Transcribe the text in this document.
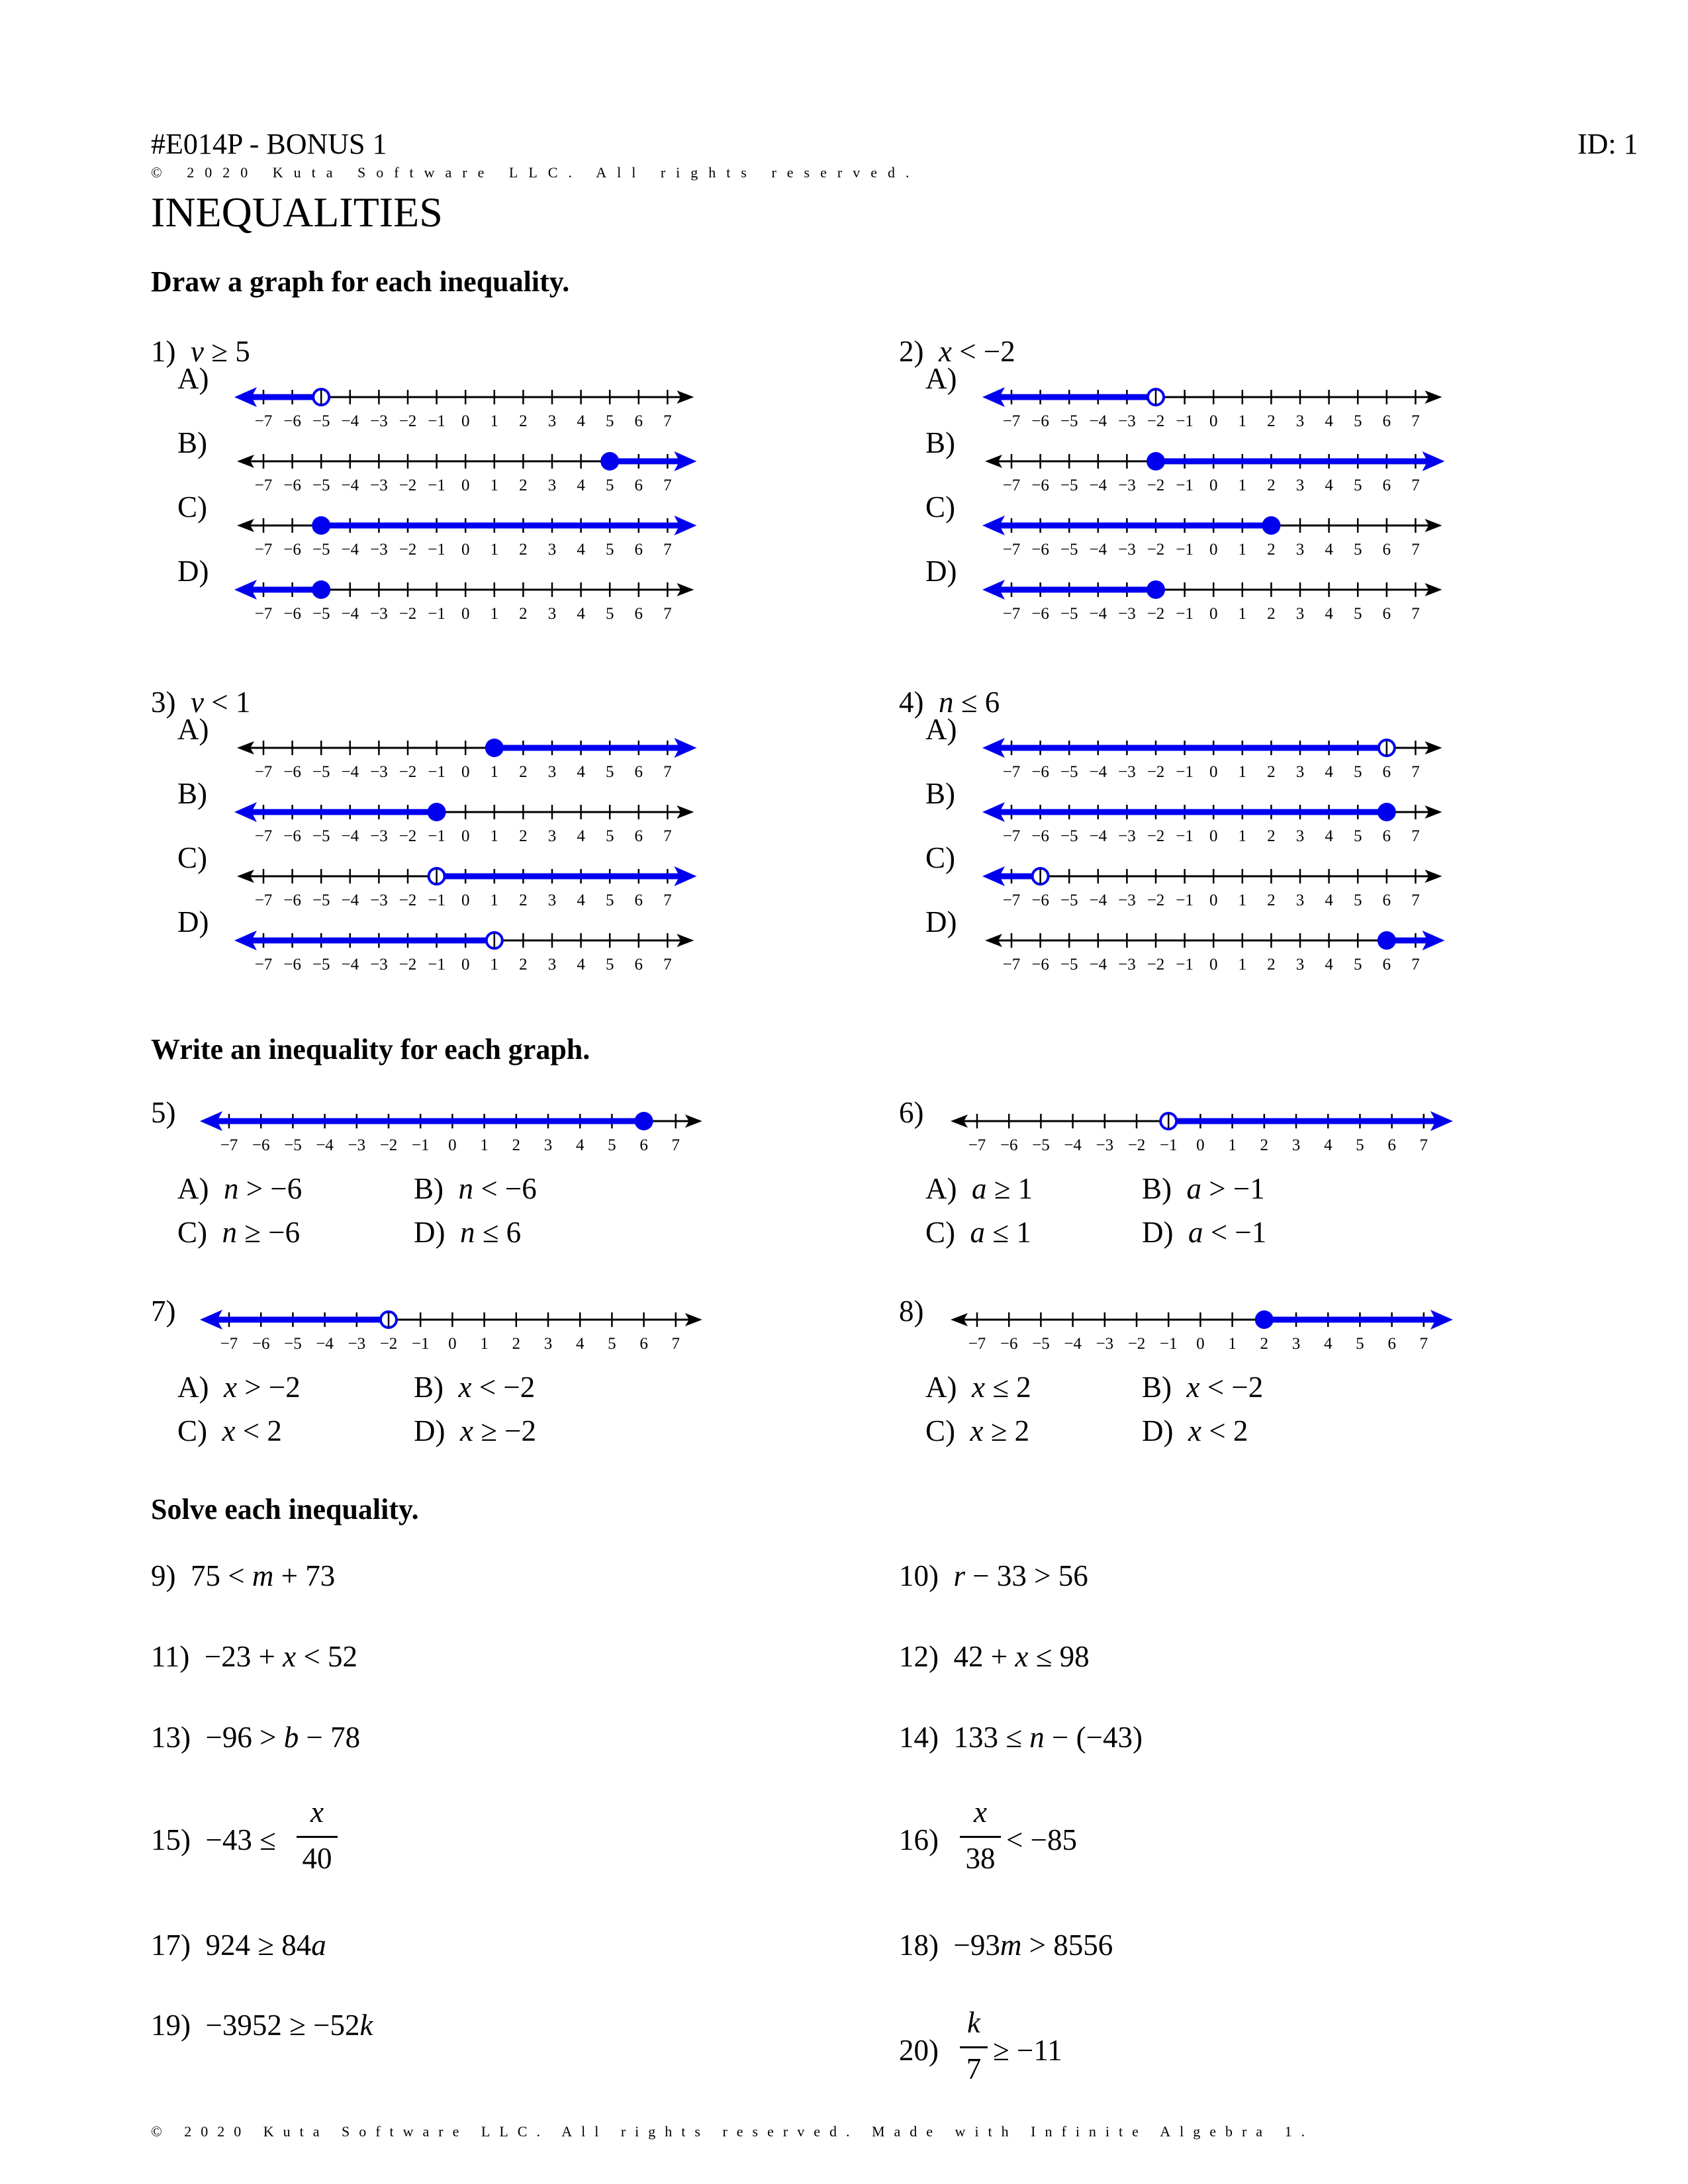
#E014P - BONUS 1	ID: 1
© 2020 Kuta Software LLC. All rights reserved.
INEQUALITIES
Draw a graph for each inequality.
1) v ≥ 5
A)
−7 −6 −5 −4 −3 −2 −1 0 1 2 3 4 5 6 7
B)
−7 −6 −5 −4 −3 −2 −1 0 1 2 3 4 5 6 7
C)
−7 −6 −5 −4 −3 −2 −1 0 1 2 3 4 5 6 7
D)
−7 −6 −5 −4 −3 −2 −1 0 1 2 3 4 5 6 7
2) x < −2
A)
−7 −6 −5 −4 −3 −2 −1 0 1 2 3 4 5 6 7
B)
−7 −6 −5 −4 −3 −2 −1 0 1 2 3 4 5 6 7
C)
−7 −6 −5 −4 −3 −2 −1 0 1 2 3 4 5 6 7
D)
−7 −6 −5 −4 −3 −2 −1 0 1 2 3 4 5 6 7
3) v < 1
A)
−7 −6 −5 −4 −3 −2 −1 0 1 2 3 4 5 6 7
B)
−7 −6 −5 −4 −3 −2 −1 0 1 2 3 4 5 6 7
C)
−7 −6 −5 −4 −3 −2 −1 0 1 2 3 4 5 6 7
D)
−7 −6 −5 −4 −3 −2 −1 0 1 2 3 4 5 6 7
4) n ≤ 6
A)
−7 −6 −5 −4 −3 −2 −1 0 1 2 3 4 5 6 7
B)
−7 −6 −5 −4 −3 −2 −1 0 1 2 3 4 5 6 7
C)
−7 −6 −5 −4 −3 −2 −1 0 1 2 3 4 5 6 7
D)
−7 −6 −5 −4 −3 −2 −1 0 1 2 3 4 5 6 7
Write an inequality for each graph.
5)	6)
7)	8)
−7 −6 −5 −4 −3 −2 −1 0 1 2 3 4 5 6 7
A)  n > −6	B)  n < −6
C)  n ≥ −6	D)  n ≤ 6
−7 −6 −5 −4 −3 −2 −1 0 1 2 3 4 5 6 7
A)  a ≥ 1	B)  a > −1
C)  a ≤ 1	D)  a < −1
−7 −6 −5 −4 −3 −2 −1 0 1 2 3 4 5 6 7
A)  x > −2	B)  x < −2
C)  x < 2	D)  x ≥ −2
−7 −6 −5 −4 −3 −2 −1 0 1 2 3 4 5 6 7
A)  x ≤ 2	B)  x < −2
C)  x ≥ 2	D)  x < 2
Solve each inequality.
9) 75 < m + 73	10) r − 33 > 56
11) −23 + x < 52	12) 42 + x ≤ 98
13) −96 > b − 78	14) 133 ≤ n − (−43)
15) −43 ≤
x
40
16)
x
38
< −85
17) 924 ≥ 84a	18) −93m > 8556
19) −3952 ≥ −52k
20)
k
7
≥ −11
© 2020 Kuta Software LLC. All rights reserved. Made with Infinite Algebra 1.
